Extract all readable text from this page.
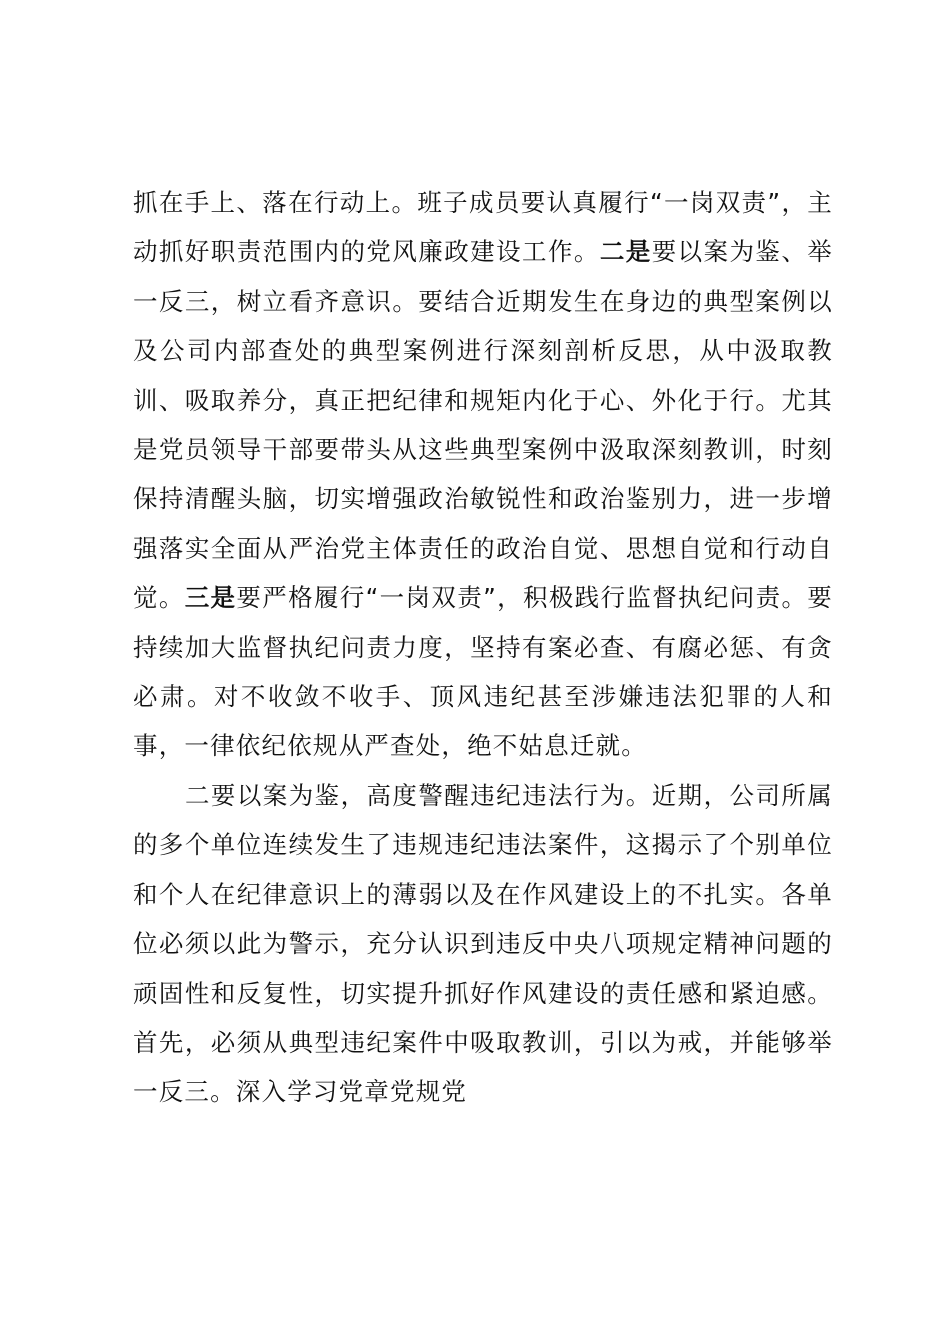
抓在手上、落在行动上。班子成员要认真履行“一岗双责”，主动抓好职责范围内的党风廉政建设工作。二是要以案为鉴、举一反三，树立看齐意识。要结合近期发生在身边的典型案例以及公司内部查处的典型案例进行深刻剖析反思，从中汲取教训、吸取养分，真正把纪律和规矩内化于心、外化于行。尤其是党员领导干部要带头从这些典型案例中汲取深刻教训，时刻保持清醒头脑，切实增强政治敏锐性和政治鉴别力，进一步增强落实全面从严治党主体责任的政治自觉、思想自觉和行动自觉。三是要严格履行“一岗双责”，积极践行监督执纪问责。要持续加大监督执纪问责力度，坚持有案必查、有腐必惩、有贪必肃。对不收敛不收手、顶风违纪甚至涉嫌违法犯罪的人和事，一律依纪依规从严查处，绝不姑息迁就。

二要以案为鉴，高度警醒违纪违法行为。近期，公司所属的多个单位连续发生了违规违纪违法案件，这揭示了个别单位和个人在纪律意识上的薄弱以及在作风建设上的不扎实。各单位必须以此为警示，充分认识到违反中央八项规定精神问题的顽固性和反复性，切实提升抓好作风建设的责任感和紧迫感。首先，必须从典型违纪案件中吸取教训，引以为戒，并能够举一反三。深入学习党章党规党
